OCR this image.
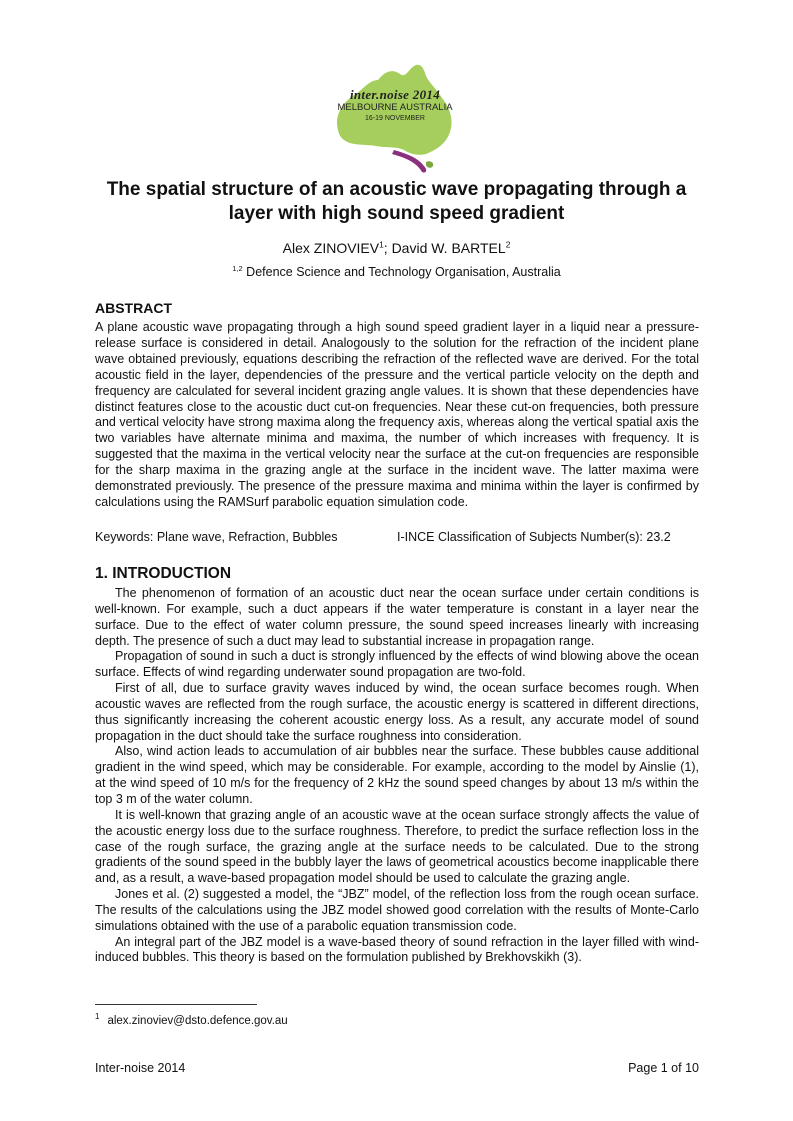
inter.noise 2014
MELBOURNE AUSTRALIA
16-19 NOVEMBER
The spatial structure of an acoustic wave propagating through a layer with high sound speed gradient
Alex ZINOVIEV$^1$; David W. BARTEL$^2$
$^{1,2}$ Defence Science and Technology Organisation, Australia
ABSTRACT

A plane acoustic wave propagating through a high sound speed gradient layer in a liquid near a pressure-release surface is considered in detail. Analogously to the solution for the refraction of the incident plane wave obtained previously, equations describing the refraction of the reflected wave are derived. For the total acoustic field in the layer, dependencies of the pressure and the vertical particle velocity on the depth and frequency are calculated for several incident grazing angle values. It is shown that these dependencies have distinct features close to the acoustic duct cut-on frequencies. Near these cut-on frequencies, both pressure and vertical velocity have strong maxima along the frequency axis, whereas along the vertical spatial axis the two variables have alternate minima and maxima, the number of which increases with frequency. It is suggested that the maxima in the vertical velocity near the surface at the cut-on frequencies are responsible for the sharp maxima in the grazing angle at the surface in the incident wave. The latter maxima were demonstrated previously. The presence of the pressure maxima and minima within the layer is confirmed by calculations using the RAMSurf parabolic equation simulation code.

Keywords: Plane wave, Refraction, Bubbles	I-INCE Classification of Subjects Number(s): 23.2
1. INTRODUCTION

The phenomenon of formation of an acoustic duct near the ocean surface under certain conditions is well-known. For example, such a duct appears if the water temperature is constant in a layer near the surface. Due to the effect of water column pressure, the sound speed increases linearly with increasing depth. The presence of such a duct may lead to substantial increase in propagation range.

Propagation of sound in such a duct is strongly influenced by the effects of wind blowing above the ocean surface. Effects of wind regarding underwater sound propagation are two-fold.

First of all, due to surface gravity waves induced by wind, the ocean surface becomes rough. When acoustic waves are reflected from the rough surface, the acoustic energy is scattered in different directions, thus significantly increasing the coherent acoustic energy loss. As a result, any accurate model of sound propagation in the duct should take the surface roughness into consideration.

Also, wind action leads to accumulation of air bubbles near the surface. These bubbles cause additional gradient in the wind speed, which may be considerable. For example, according to the model by Ainslie (1), at the wind speed of 10 m/s for the frequency of 2 kHz the sound speed changes by about 13 m/s within the top 3 m of the water column.

It is well-known that grazing angle of an acoustic wave at the ocean surface strongly affects the value of the acoustic energy loss due to the surface roughness. Therefore, to predict the surface reflection loss in the case of the rough surface, the grazing angle at the surface needs to be calculated. Due to the strong gradients of the sound speed in the bubbly layer the laws of geometrical acoustics become inapplicable there and, as a result, a wave-based propagation model should be used to calculate the grazing angle.

Jones et al. (2) suggested a model, the “JBZ” model, of the reflection loss from the rough ocean surface. The results of the calculations using the JBZ model showed good correlation with the results of Monte-Carlo simulations obtained with the use of a parabolic equation transmission code.

An integral part of the JBZ model is a wave-based theory of sound refraction in the layer filled with wind-induced bubbles. This theory is based on the formulation published by Brekhovskikh (3).

$^1$ alex.zinoviev@dsto.defence.gov.au
Inter-noise 2014	Page 1 of 10
